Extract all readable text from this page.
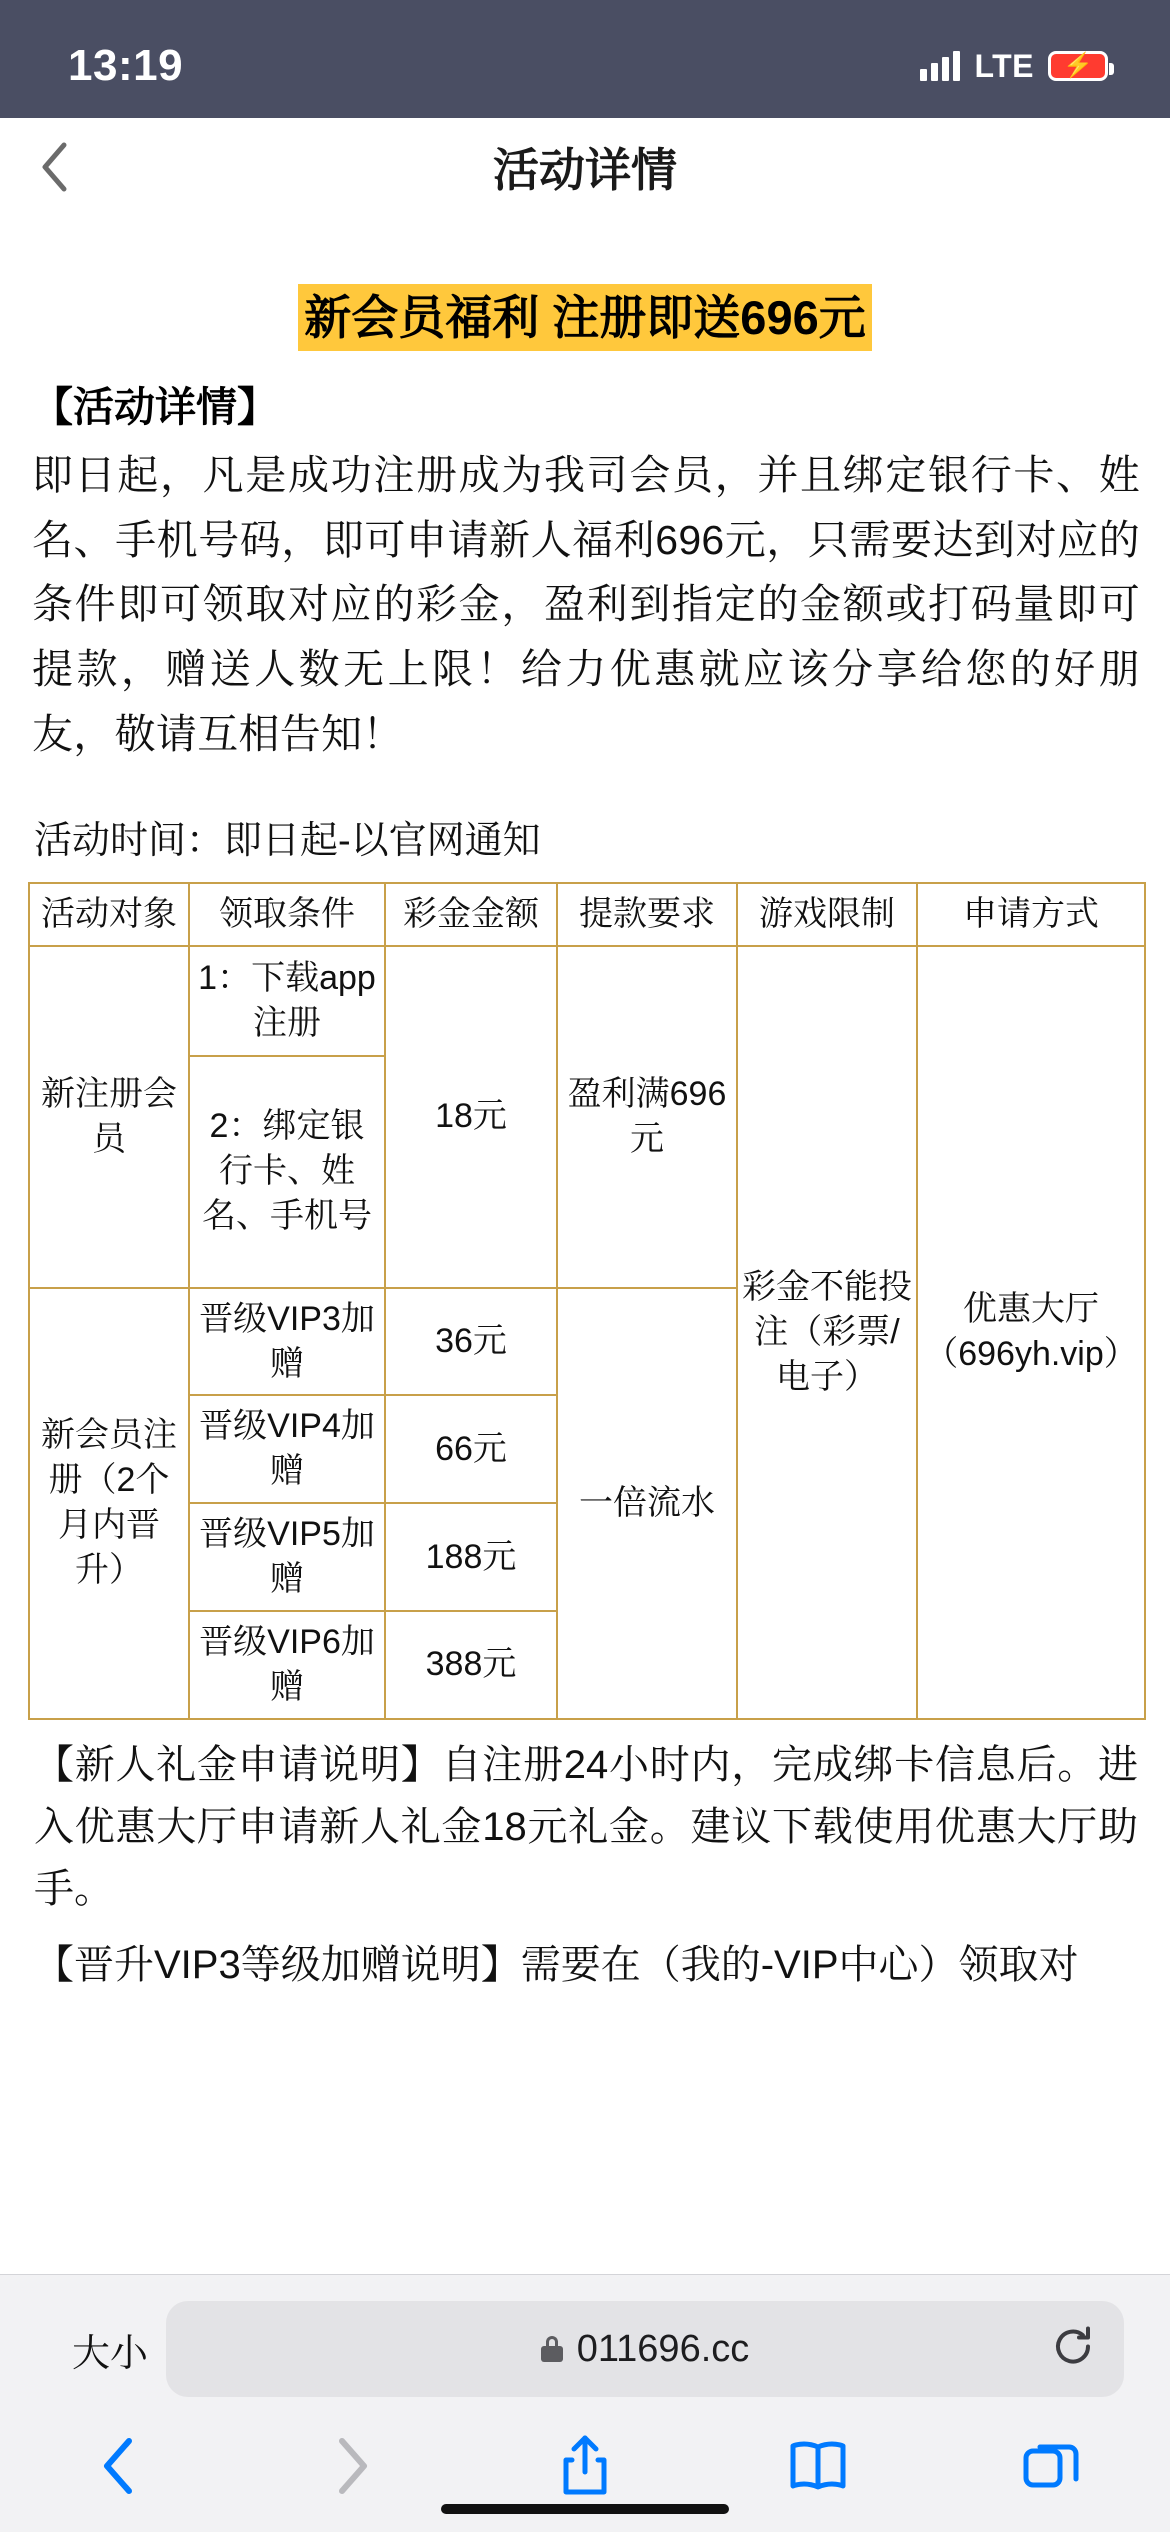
13:19	LTE ⚡
活动详情
新会员福利 注册即送696元
【活动详情】
即日起，凡是成功注册成为我司会员，并且绑定银行卡、姓名、手机号码，即可申请新人福利696元，只需要达到对应的条件即可领取对应的彩金，盈利到指定的金额或打码量即可提款，赠送人数无上限！给力优惠就应该分享给您的好朋友，敬请互相告知！
活动时间：即日起-以官网通知
活动对象	领取条件	彩金金额	提款要求	游戏限制	申请方式
新注册会员	1：下载app注册	18元	盈利满696元	彩金不能投注（彩票/电子）	优惠大厅（696yh.vip）
	2：绑定银行卡、姓名、手机号				
新会员注册（2个月内晋升）	晋级VIP3加赠	36元	一倍流水		
	晋级VIP4加赠	66元			
	晋级VIP5加赠	188元			
	晋级VIP6加赠	388元			
【新人礼金申请说明】自注册24小时内，完成绑卡信息后。进入优惠大厅申请新人礼金18元礼金。建议下载使用优惠大厅助手。
【晋升VIP3等级加赠说明】需要在（我的-VIP中心）领取对
大小	011696.cc
